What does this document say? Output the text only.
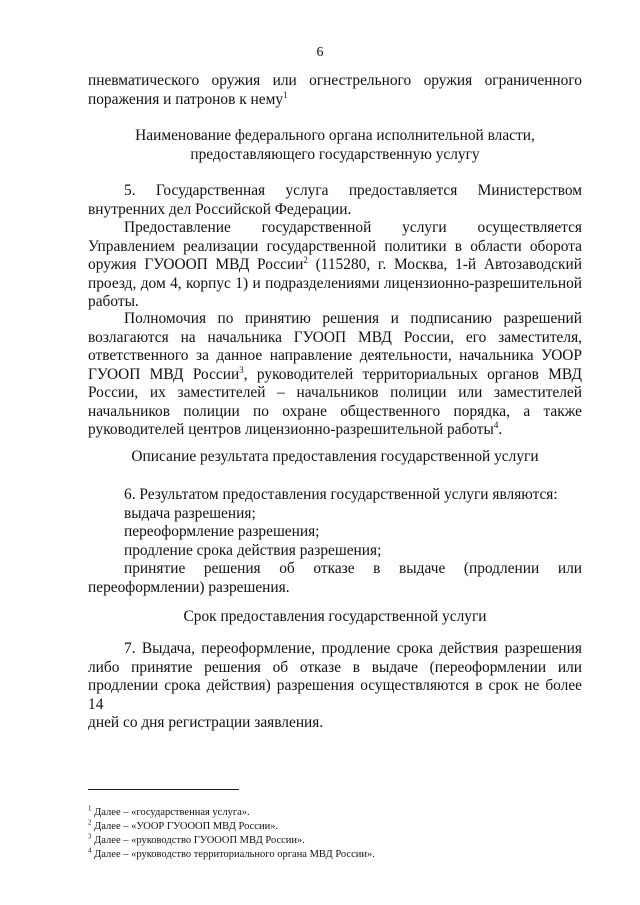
6

пневматического оружия или огнестрельного оружия ограниченного
поражения и патронов к нему$^1$

Наименование федерального органа исполнительной власти,
предоставляющего государственную услугу

5. Государственная услуга предоставляется Министерством
внутренних дел Российской Федерации.

Предоставление государственной услуги осуществляется
Управлением реализации государственной политики в области оборота
оружия ГУОООП МВД России$^2$ (115280, г. Москва, 1-й Автозаводский
проезд, дом 4, корпус 1) и подразделениями лицензионно-разрешительной
работы.

Полномочия по принятию решения и подписанию разрешений
возлагаются на начальника ГУООП МВД России, его заместителя,
ответственного за данное направление деятельности, начальника УООР
ГУООП МВД России$^3$, руководителей территориальных органов МВД
России, их заместителей – начальников полиции или заместителей
начальников полиции по охране общественного порядка, а также
руководителей центров лицензионно-разрешительной работы$^4$.

Описание результата предоставления государственной услуги

6. Результатом предоставления государственной услуги являются:
выдача разрешения;
переоформление разрешения;
продление срока действия разрешения;
принятие решения об отказе в выдаче (продлении или
переоформлении) разрешения.

Срок предоставления государственной услуги

7. Выдача, переоформление, продление срока действия разрешения
либо принятие решения об отказе в выдаче (переоформлении или
продлении срока действия) разрешения осуществляются в срок не более 14
дней со дня регистрации заявления.

$^1$ Далее – «государственная услуга».
$^2$ Далее – «УООР ГУОООП МВД России».
$^3$ Далее – «руководство ГУОООП МВД России».
$^4$ Далее – «руководство территориального органа МВД России».
